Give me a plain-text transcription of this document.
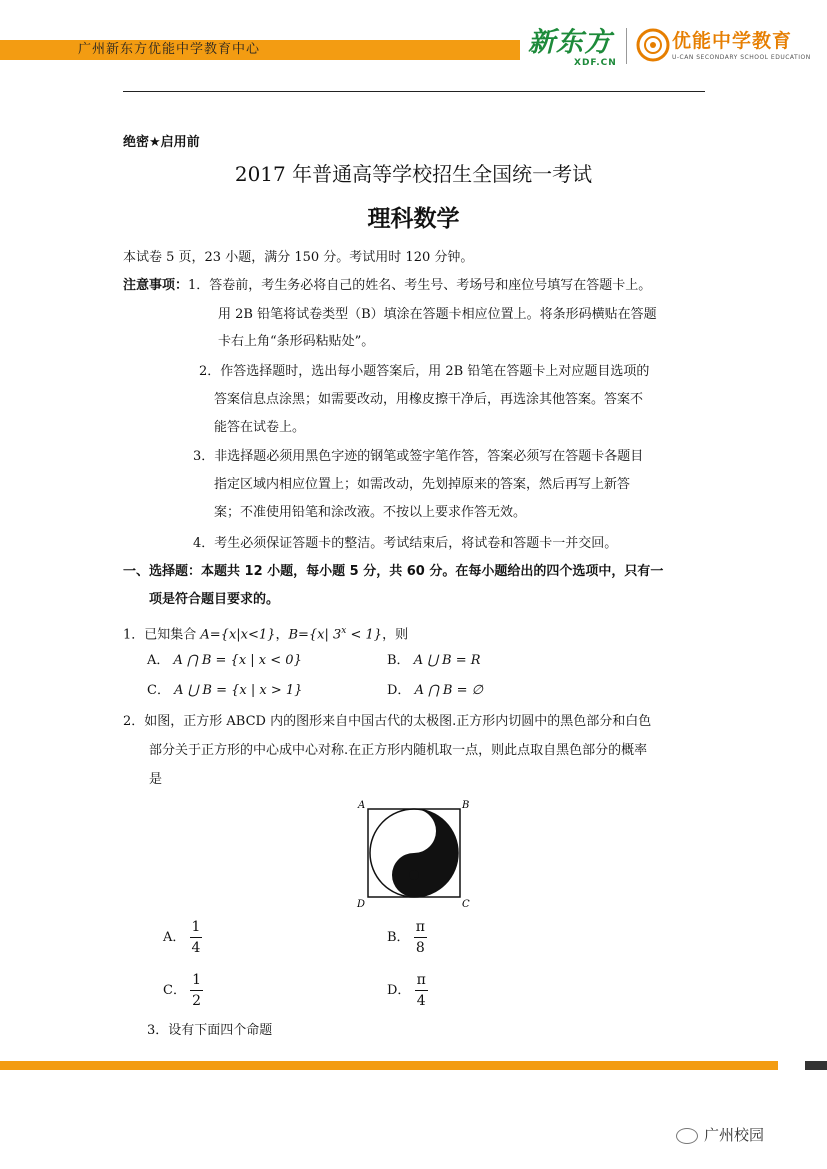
广州新东方优能中学教育中心	新东方
XDF.CN
优能中学教育
U-CAN SECONDARY SCHOOL EDUCATION
绝密★启用前
2017 年普通高等学校招生全国统一考试
理科数学
本试卷 5 页，23 小题，满分 150 分。考试用时 120 分钟。
注意事项：1．答卷前，考生务必将自己的姓名、考生号、考场号和座位号填写在答题卡上。
用 2B 铅笔将试卷类型（B）填涂在答题卡相应位置上。将条形码横贴在答题
卡右上角“条形码粘贴处”。
2．作答选择题时，选出每小题答案后，用 2B 铅笔在答题卡上对应题目选项的
答案信息点涂黑；如需要改动，用橡皮擦干净后，再选涂其他答案。答案不
能答在试卷上。
3．非选择题必须用黑色字迹的钢笔或签字笔作答，答案必须写在答题卡各题目
指定区域内相应位置上；如需改动，先划掉原来的答案，然后再写上新答
案；不准使用铅笔和涂改液。不按以上要求作答无效。
4．考生必须保证答题卡的整洁。考试结束后，将试卷和答题卡一并交回。
一、选择题：本题共 12 小题，每小题 5 分，共 60 分。在每小题给出的四个选项中，只有一
项是符合题目要求的。
1．已知集合 A={x|x<1}，B={x| $3^x < 1$}，则
A． A ⋂ B = {x | x < 0}	B． A ⋃ B = R
C． A ⋃ B = {x | x > 1}	D． A ⋂ B = ∅
2．如图，正方形 ABCD 内的图形来自中国古代的太极图.正方形内切圆中的黑色部分和白色
部分关于正方形的中心成中心对称.在正方形内随机取一点，则此点取自黑色部分的概率
是
A	B
C
D
A． $\frac{1}{4}$	B． $\frac{\pi}{8}$
C． $\frac{1}{2}$	D． $\frac{\pi}{4}$
3．设有下面四个命题
广州校园
